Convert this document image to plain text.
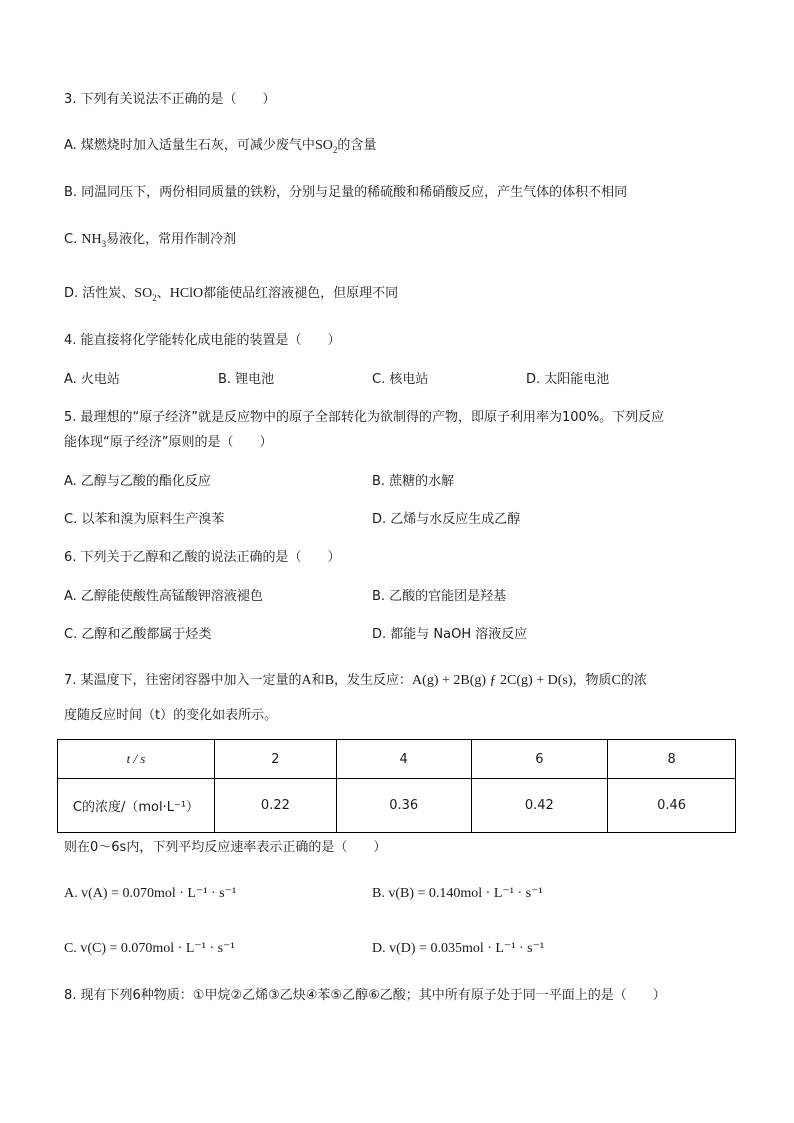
3. 下列有关说法不正确的是（　　）
A. 煤燃烧时加入适量生石灰，可减少废气中$SO_2$的含量
B. 同温同压下，两份相同质量的铁粉，分别与足量的稀硫酸和稀硝酸反应，产生气体的体积不相同
C. $NH_3$易液化，常用作制冷剂
D. 活性炭、$SO_2$、HClO都能使品红溶液褪色，但原理不同
4. 能直接将化学能转化成电能的装置是（　　）
A. 火电站	B. 锂电池	C. 核电站	D. 太阳能电池
5. 最理想的“原子经济”就是反应物中的原子全部转化为欲制得的产物，即原子利用率为100%。下列反应
能体现“原子经济”原则的是（　　）
A. 乙醇与乙酸的酯化反应	B. 蔗糖的水解
C. 以苯和溴为原料生产溴苯	D. 乙烯与水反应生成乙醇
6. 下列关于乙醇和乙酸的说法正确的是（　　）
A. 乙醇能使酸性高锰酸钾溶液褪色	B. 乙酸的官能团是羟基
C. 乙醇和乙酸都属于烃类	D. 都能与 NaOH 溶液反应
7. 某温度下，往密闭容器中加入一定量的A和B，发生反应：A(g) + 2B(g) ƒ 2C(g) + D(s)，物质C的浓
度随反应时间（t）的变化如表所示。
t / s	2	4	6	8
C的浓度/（mol·L⁻¹）	0.22	0.36	0.42	0.46
则在0～6s内，下列平均反应速率表示正确的是（　　）
A. v(A) = 0.070mol · L⁻¹ · s⁻¹	B. v(B) = 0.140mol · L⁻¹ · s⁻¹
C. v(C) = 0.070mol · L⁻¹ · s⁻¹	D. v(D) = 0.035mol · L⁻¹ · s⁻¹
8. 现有下列6种物质：①甲烷②乙烯③乙炔④苯⑤乙醇⑥乙酸；其中所有原子处于同一平面上的是（　　）
